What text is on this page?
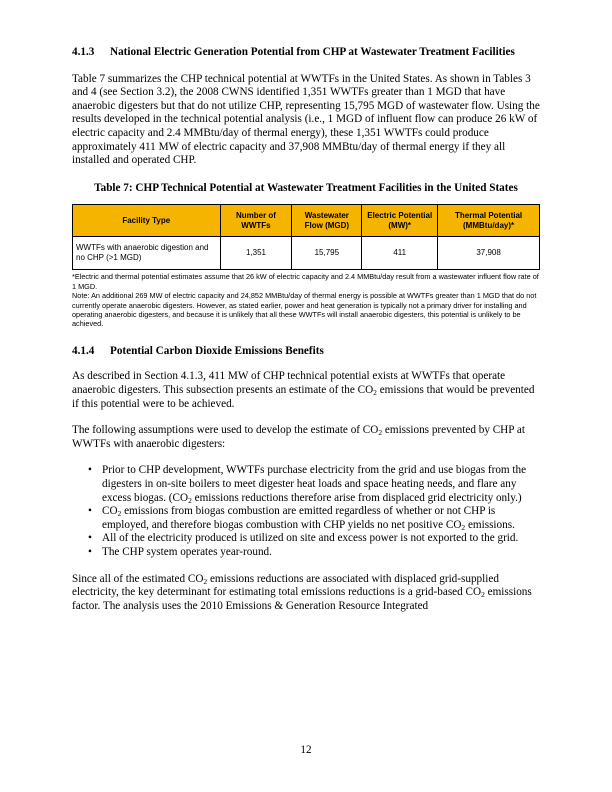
4.1.3	National Electric Generation Potential from CHP at Wastewater Treatment Facilities

Table 7 summarizes the CHP technical potential at WWTFs in the United States. As shown in Tables 3 and 4 (see Section 3.2), the 2008 CWNS identified 1,351 WWTFs greater than 1 MGD that have anaerobic digesters but that do not utilize CHP, representing 15,795 MGD of wastewater flow. Using the results developed in the technical potential analysis (i.e., 1 MGD of influent flow can produce 26 kW of electric capacity and 2.4 MMBtu/day of thermal energy), these 1,351 WWTFs could produce approximately 411 MW of electric capacity and 37,908 MMBtu/day of thermal energy if they all installed and operated CHP.

Table 7: CHP Technical Potential at Wastewater Treatment Facilities in the United States
Facility Type	Number of WWTFs	Wastewater Flow (MGD)	Electric Potential (MW)*	Thermal Potential (MMBtu/day)*
WWTFs with anaerobic digestion and no CHP (>1 MGD)	1,351	15,795	411	37,908
*Electric and thermal potential estimates assume that 26 kW of electric capacity and 2.4 MMBtu/day result from a wastewater influent flow rate of 1 MGD.
Note: An additional 269 MW of electric capacity and 24,852 MMBtu/day of thermal energy is possible at WWTFs greater than 1 MGD that do not currently operate anaerobic digesters. However, as stated earlier, power and heat generation is typically not a primary driver for installing and operating anaerobic digesters, and because it is unlikely that all these WWTFs will install anaerobic digesters, this potential is unlikely to be achieved.
4.1.4	Potential Carbon Dioxide Emissions Benefits

As described in Section 4.1.3, 411 MW of CHP technical potential exists at WWTFs that operate anaerobic digesters. This subsection presents an estimate of the $CO_2$ emissions that would be prevented if this potential were to be achieved.

The following assumptions were used to develop the estimate of $CO_2$ emissions prevented by CHP at WWTFs with anaerobic digesters:

• Prior to CHP development, WWTFs purchase electricity from the grid and use biogas from the digesters in on-site boilers to meet digester heat loads and space heating needs, and flare any excess biogas. ($CO_2$ emissions reductions therefore arise from displaced grid electricity only.)
• $CO_2$ emissions from biogas combustion are emitted regardless of whether or not CHP is employed, and therefore biogas combustion with CHP yields no net positive $CO_2$ emissions.
• All of the electricity produced is utilized on site and excess power is not exported to the grid.
• The CHP system operates year-round.

Since all of the estimated $CO_2$ emissions reductions are associated with displaced grid-supplied electricity, the key determinant for estimating total emissions reductions is a grid-based $CO_2$ emissions factor. The analysis uses the 2010 Emissions & Generation Resource Integrated

12
